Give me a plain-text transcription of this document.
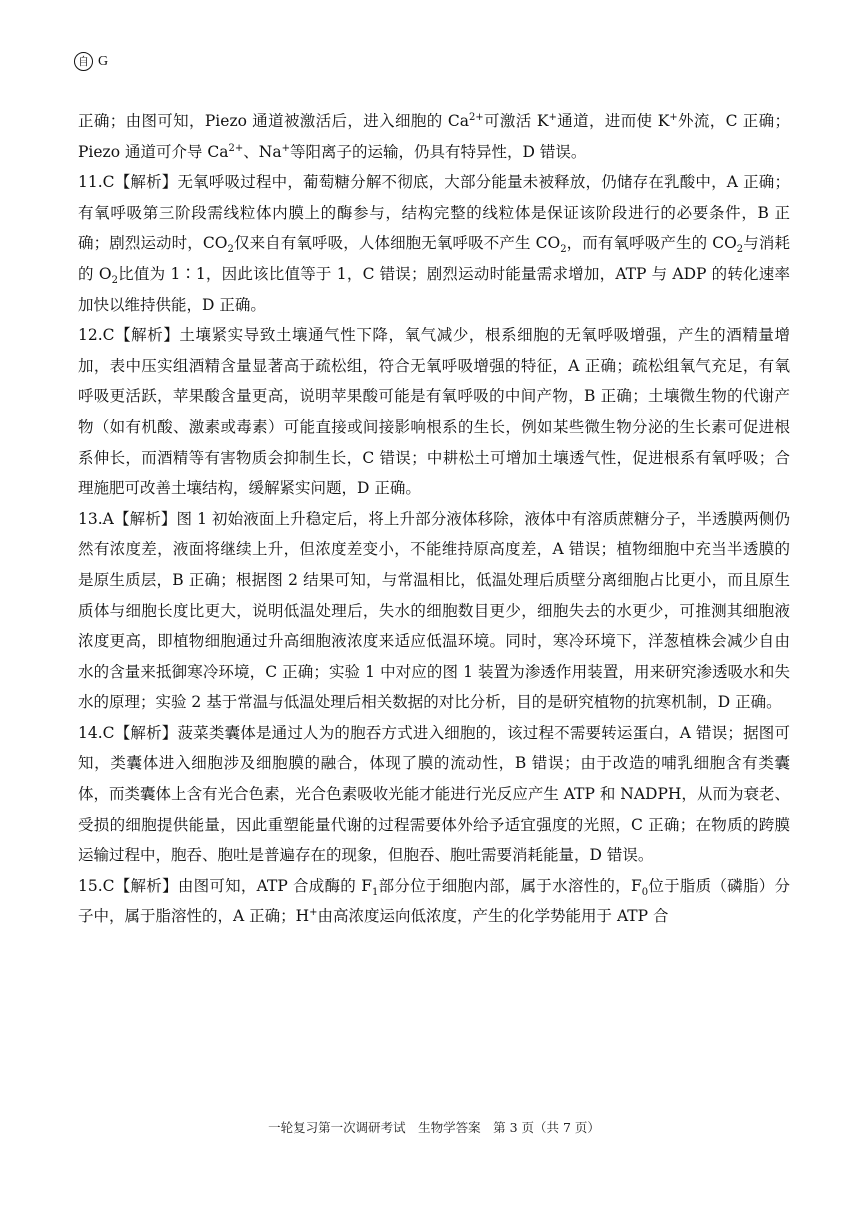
自 G

正确；由图可知，Piezo 通道被激活后，进入细胞的 $Ca^{2+}$可激活 K+通道，进而使 K+外流，C 正确；Piezo 通道可介导 $Ca^{2+}$、Na+等阳离子的运输，仍具有特异性，D 错误。

11.C【解析】无氧呼吸过程中，葡萄糖分解不彻底，大部分能量未被释放，仍储存在乳酸中，A 正确；有氧呼吸第三阶段需线粒体内膜上的酶参与，结构完整的线粒体是保证该阶段进行的必要条件，B 正确；剧烈运动时，$CO_2$仅来自有氧呼吸，人体细胞无氧呼吸不产生 $CO_2$，而有氧呼吸产生的 $CO_2$与消耗的 $O_2$比值为 1∶1，因此该比值等于 1，C 错误；剧烈运动时能量需求增加，ATP 与 ADP 的转化速率加快以维持供能，D 正确。

12.C【解析】土壤紧实导致土壤通气性下降，氧气减少，根系细胞的无氧呼吸增强，产生的酒精量增加，表中压实组酒精含量显著高于疏松组，符合无氧呼吸增强的特征，A 正确；疏松组氧气充足，有氧呼吸更活跃，苹果酸含量更高，说明苹果酸可能是有氧呼吸的中间产物，B 正确；土壤微生物的代谢产物（如有机酸、激素或毒素）可能直接或间接影响根系的生长，例如某些微生物分泌的生长素可促进根系伸长，而酒精等有害物质会抑制生长，C 错误；中耕松土可增加土壤透气性，促进根系有氧呼吸；合理施肥可改善土壤结构，缓解紧实问题，D 正确。

13.A【解析】图 1 初始液面上升稳定后，将上升部分液体移除，液体中有溶质蔗糖分子，半透膜两侧仍然有浓度差，液面将继续上升，但浓度差变小，不能维持原高度差，A 错误；植物细胞中充当半透膜的是原生质层，B 正确；根据图 2 结果可知，与常温相比，低温处理后质壁分离细胞占比更小，而且原生质体与细胞长度比更大，说明低温处理后，失水的细胞数目更少，细胞失去的水更少，可推测其细胞液浓度更高，即植物细胞通过升高细胞液浓度来适应低温环境。同时，寒冷环境下，洋葱植株会减少自由水的含量来抵御寒冷环境，C 正确；实验 1 中对应的图 1 装置为渗透作用装置，用来研究渗透吸水和失水的原理；实验 2 基于常温与低温处理后相关数据的对比分析，目的是研究植物的抗寒机制，D 正确。

14.C【解析】菠菜类囊体是通过人为的胞吞方式进入细胞的，该过程不需要转运蛋白，A 错误；据图可知，类囊体进入细胞涉及细胞膜的融合，体现了膜的流动性，B 错误；由于改造的哺乳细胞含有类囊体，而类囊体上含有光合色素，光合色素吸收光能才能进行光反应产生 ATP 和 NADPH，从而为衰老、受损的细胞提供能量，因此重塑能量代谢的过程需要体外给予适宜强度的光照，C 正确；在物质的跨膜运输过程中，胞吞、胞吐是普遍存在的现象，但胞吞、胞吐需要消耗能量，D 错误。

15.C【解析】由图可知，ATP 合成酶的 $F_1$部分位于细胞内部，属于水溶性的，$F_0$位于脂质（磷脂）分子中，属于脂溶性的，A 正确；H+由高浓度运向低浓度，产生的化学势能用于 ATP 合

一轮复习第一次调研考试　生物学答案　第 3 页（共 7 页）
